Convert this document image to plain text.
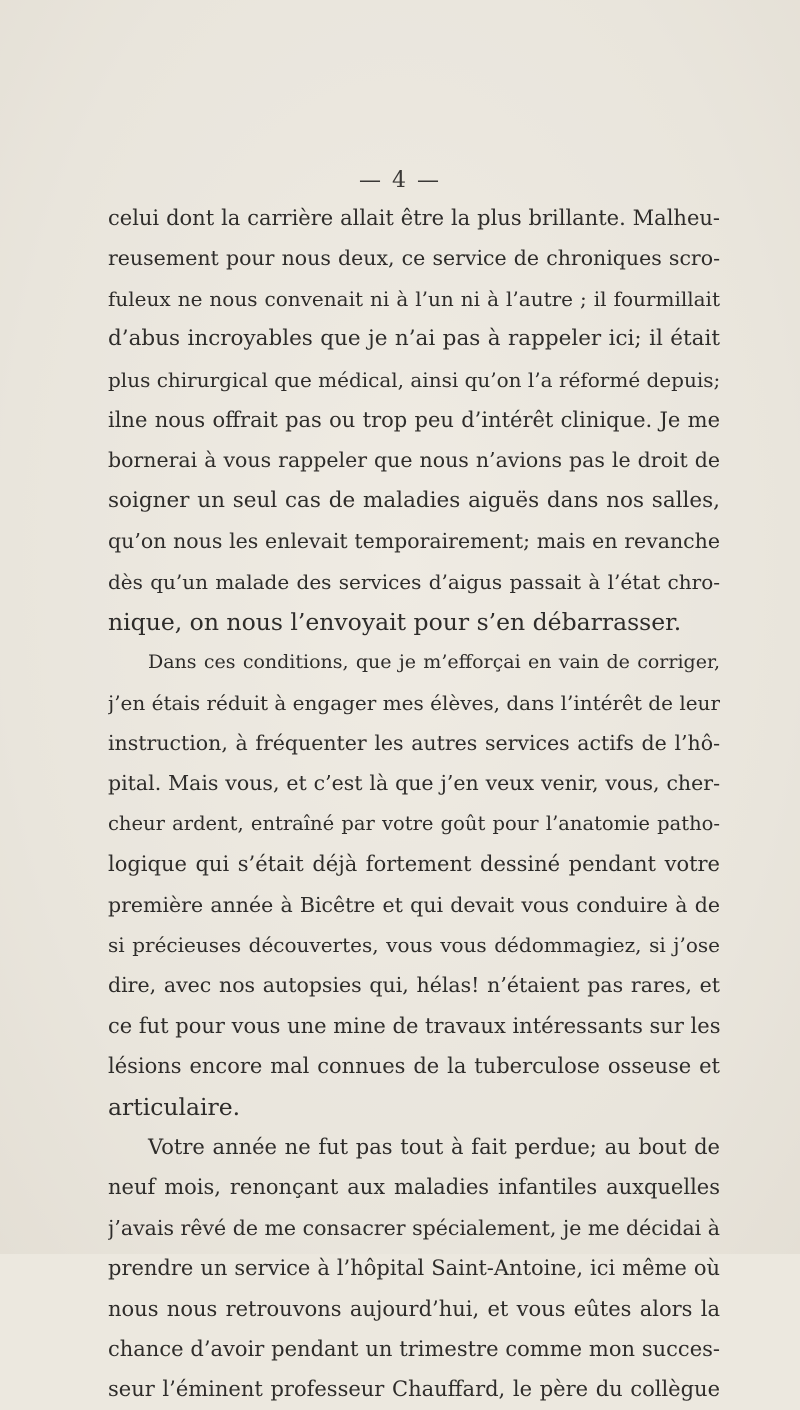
— 4 —
celui dont la carrière allait être la plus brillante. Malheu-
reusement pour nous deux, ce service de chroniques scro-
fuleux ne nous convenait ni à l’un ni à l’autre ; il fourmillait
d’abus incroyables que je n’ai pas à rappeler ici; il était
plus chirurgical que médical, ainsi qu’on l’a réformé depuis;
ilne nous offrait pas ou trop peu d’intérêt clinique. Je me
bornerai à vous rappeler que nous n’avions pas le droit de
soigner un seul cas de maladies aiguës dans nos salles,
qu’on nous les enlevait temporairement; mais en revanche
dès qu’un malade des services d’aigus passait à l’état chro-
nique, on nous l’envoyait pour s’en débarrasser.
Dans ces conditions, que je m’efforçai en vain de corriger,
j’en étais réduit à engager mes élèves, dans l’intérêt de leur
instruction, à fréquenter les autres services actifs de l’hô-
pital. Mais vous, et c’est là que j’en veux venir, vous, cher-
cheur ardent, entraîné par votre goût pour l’anatomie patho-
logique qui s’était déjà fortement dessiné pendant votre
première année à Bicêtre et qui devait vous conduire à de
si précieuses découvertes, vous vous dédommagiez, si j’ose
dire, avec nos autopsies qui, hélas! n’étaient pas rares, et
ce fut pour vous une mine de travaux intéressants sur les
lésions encore mal connues de la tuberculose osseuse et
articulaire.
Votre année ne fut pas tout à fait perdue; au bout de
neuf mois, renonçant aux maladies infantiles auxquelles
j’avais rêvé de me consacrer spécialement, je me décidai à
prendre un service à l’hôpital Saint-Antoine, ici même où
nous nous retrouvons aujourd’hui, et vous eûtes alors la
chance d’avoir pendant un trimestre comme mon succes-
seur l’éminent professeur Chauffard, le père du collègue
